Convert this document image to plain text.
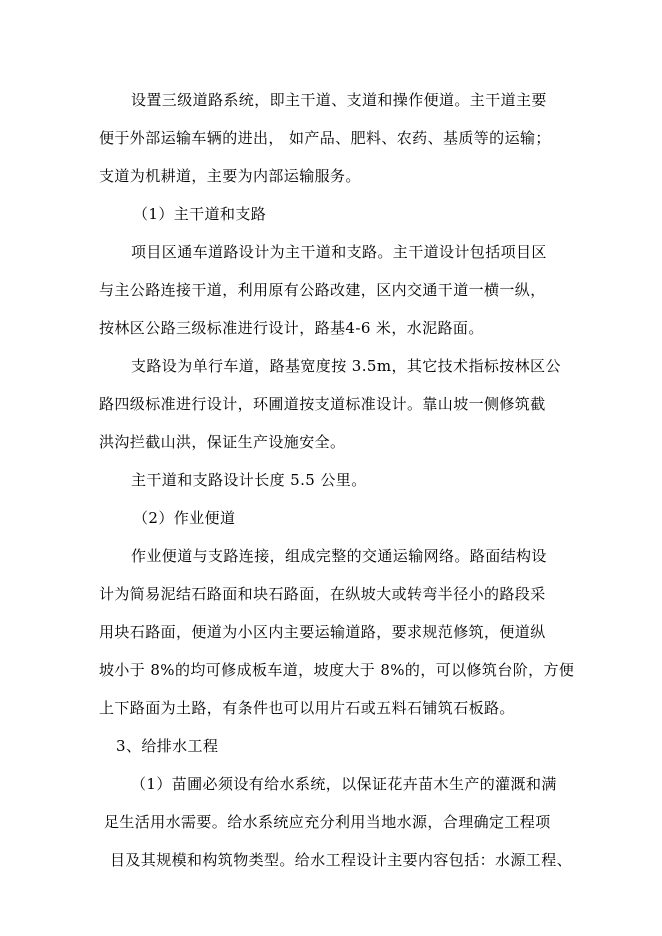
设置三级道路系统，即主干道、支道和操作便道。主干道主要
便于外部运输车辆的进出， 如产品、肥料、农药、基质等的运输；
支道为机耕道，主要为内部运输服务。
（1）主干道和支路
项目区通车道路设计为主干道和支路。主干道设计包括项目区
与主公路连接干道，利用原有公路改建，区内交通干道一横一纵，
按林区公路三级标准进行设计，路基4-6 米，水泥路面。
支路设为单行车道，路基宽度按 3.5m，其它技术指标按林区公
路四级标准进行设计，环圃道按支道标准设计。靠山坡一侧修筑截
洪沟拦截山洪，保证生产设施安全。
主干道和支路设计长度 5.5 公里。
（2）作业便道
作业便道与支路连接，组成完整的交通运输网络。路面结构设
计为简易泥结石路面和块石路面，在纵坡大或转弯半径小的路段采
用块石路面，便道为小区内主要运输道路，要求规范修筑，便道纵
坡小于 8%的均可修成板车道，坡度大于 8%的，可以修筑台阶，方便
上下路面为土路，有条件也可以用片石或五料石铺筑石板路。
3、给排水工程
（1）苗圃必须设有给水系统，以保证花卉苗木生产的灌溉和满
足生活用水需要。给水系统应充分利用当地水源，合理确定工程项
目及其规模和构筑物类型。给水工程设计主要内容包括：水源工程、
